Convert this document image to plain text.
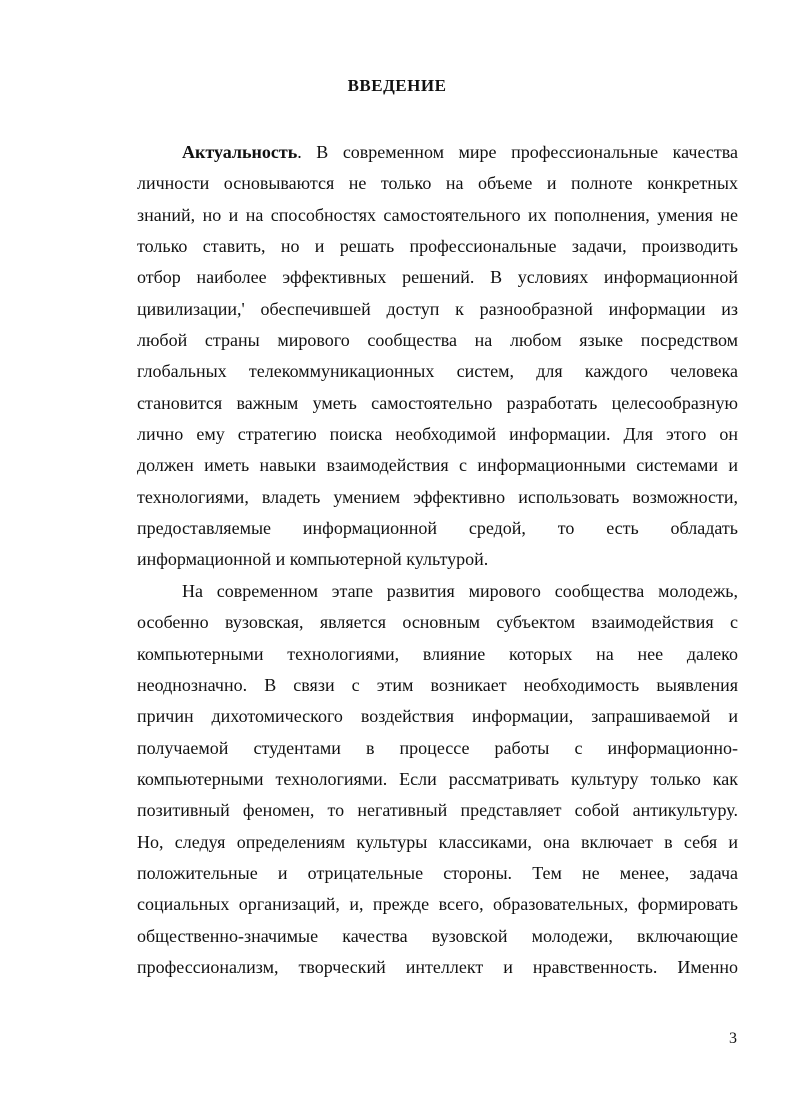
ВВЕДЕНИЕ
Актуальность. В современном мире профессиональные качества
личности основываются не только на объеме и полноте конкретных
знаний, но и на способностях самостоятельного их пополнения, умения не
только ставить, но и решать профессиональные задачи, производить
отбор наиболее эффективных решений. В условиях информационной
цивилизации,' обеспечившей доступ к разнообразной информации из
любой страны мирового сообщества на любом языке посредством
глобальных телекоммуникационных систем, для каждого человека
становится важным уметь самостоятельно разработать целесообразную
лично ему стратегию поиска необходимой информации. Для этого он
должен иметь навыки взаимодействия с информационными системами и
технологиями, владеть умением эффективно использовать возможности,
предоставляемые информационной средой, то есть обладать
информационной и компьютерной культурой.
На современном этапе развития мирового сообщества молодежь,
особенно вузовская, является основным субъектом взаимодействия с
компьютерными технологиями, влияние которых на нее далеко
неоднозначно. В связи с этим возникает необходимость выявления
причин дихотомического воздействия информации, запрашиваемой и
получаемой студентами в процессе работы с информационно-
компьютерными технологиями. Если рассматривать культуру только как
позитивный феномен, то негативный представляет собой антикультуру.
Но, следуя определениям культуры классиками, она включает в себя и
положительные и отрицательные стороны. Тем не менее, задача
социальных организаций, и, прежде всего, образовательных, формировать
общественно-значимые качества вузовской молодежи, включающие
профессионализм, творческий интеллект и нравственность. Именно
3
